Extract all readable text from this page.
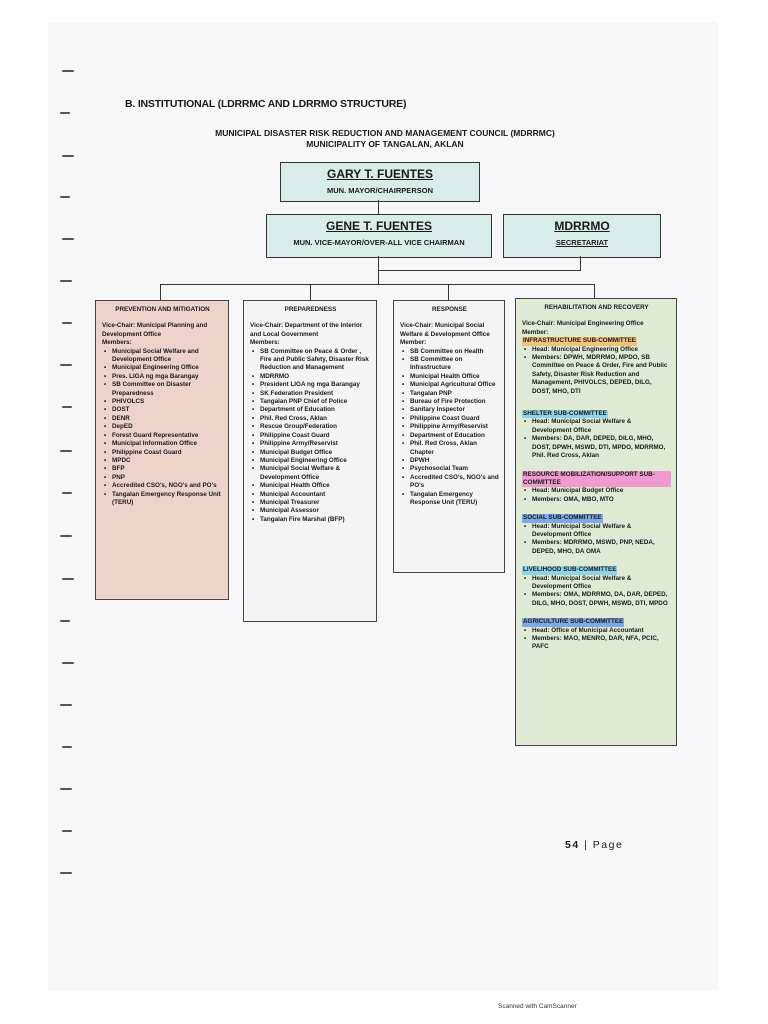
B. INSTITUTIONAL (LDRRMC AND LDRRMO STRUCTURE)
MUNICIPAL DISASTER RISK REDUCTION AND MANAGEMENT COUNCIL (MDRRMC)
MUNICIPALITY OF TANGALAN, AKLAN
GARY T. FUENTES
MUN. MAYOR/CHAIRPERSON
GENE T. FUENTES
MUN. VICE-MAYOR/OVER-ALL VICE CHAIRMAN
MDRRMO
SECRETARIAT
PREVENTION AND MITIGATION

Vice-Chair: Municipal Planning and Development Office

Members:

• Municipal Social Welfare and Development Office
• Municipal Engineering Office
• Pres. LIGA ng mga Barangay
• SB Committee on Disaster Preparedness
• PHIVOLCS
• DOST
• DENR
• DepED
• Forest Guard Representative
• Municipal Information Office
• Philippine Coast Guard
• MPDC
• BFP
• PNP
• Accredited CSO's, NGO's and PO's
• Tangalan Emergency Response Unit (TERU)
PREPAREDNESS

Vice-Chair: Department of the Interior and Local Government

Members:

• SB Committee on Peace & Order , Fire and Public Safety, Disaster Risk Reduction and Management
• MDRRMO
• President LIGA ng mga Barangay
• SK Federation President
• Tangalan PNP Chief of Police
• Department of Education
• Phil. Red Cross, Aklan
• Rescue Group/Federation
• Philippine Coast Guard
• Philippine Army/Reservist
• Municipal Budget Office
• Municipal Engineering Office
• Municipal Social Welfare & Development Office
• Municipal Health Office
• Municipal Accountant
• Municipal Treasurer
• Municipal Assessor
• Tangalan Fire Marshal (BFP)
RESPONSE

Vice-Chair: Municipal Social Welfare & Development Office

Member:

• SB Committee on Health
• SB Committee on Infrastructure
• Municipal Health Office
• Municipal Agricultural Office
• Tangalan PNP
• Bureau of Fire Protection
• Sanitary Inspector
• Philippine Coast Guard
• Philippine Army/Reservist
• Department of Education
• Phil. Red Cross, Aklan Chapter
• DPWH
• Psychosocial Team
• Accredited CSO's, NGO's and PO's
• Tangalan Emergency Response Unit (TERU)
REHABILITATION AND RECOVERY

Vice-Chair: Municipal Engineering Office

Member:

INFRASTRUCTURE SUB-COMMITTEE
• Head: Municipal Engineering Office
• Members: DPWH, MDRRMO, MPDO, SB Committee on Peace & Order, Fire and Public Safety, Disaster Risk Reduction and Management, PHIVOLCS, DEPED, DILG, DOST, MHO, DTI
SHELTER SUB-COMMITTEE
• Head: Municipal Social Welfare & Development Office
• Members: DA, DAR, DEPED, DILG, MHO, DOST, DPWH, MSWD, DTI, MPDO, MDRRMO, Phil. Red Cross, Aklan
RESOURCE MOBILIZATION/SUPPORT SUB-COMMITTEE
• Head: Municipal Budget Office
• Members: OMA, MBO, MTO
SOCIAL SUB-COMMITTEE
• Head: Municipal Social Welfare & Development Office
• Members: MDRRMO, MSWD, PNP, NEDA, DEPED, MHO, DA OMA
LIVELIHOOD SUB-COMMITTEE
• Head: Municipal Social Welfare & Development Office
• Members: OMA, MDRRMO, DA, DAR, DEPED, DILG, MHO, DOST, DPWH, MSWD, DTI, MPDO
AGRICULTURE SUB-COMMITTEE
• Head: Office of Municipal Accountant
• Members: MAO, MENRO, DAR, NFA, PCIC, PAFC
54 | Page
Scanned with CamScanner
